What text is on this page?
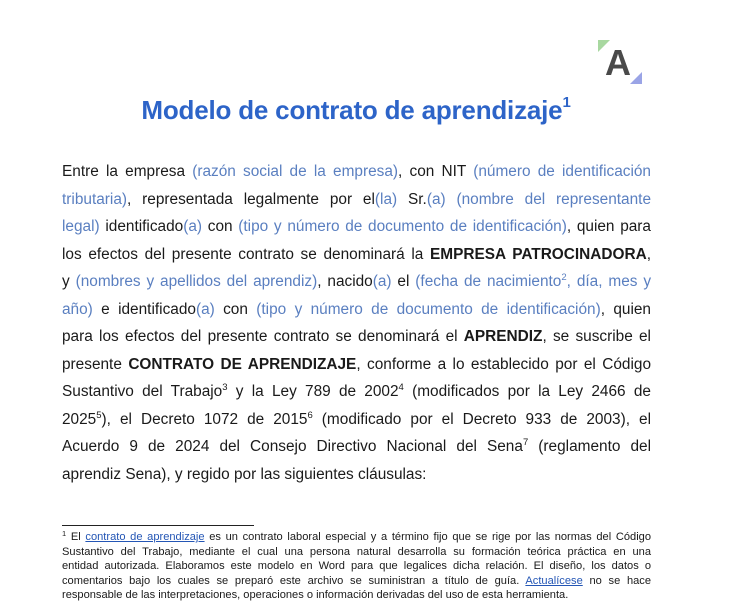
A
Modelo de contrato de aprendizaje$^1$
Entre la empresa (razón social de la empresa), con NIT (número de identificación
tributaria), representada legalmente por el(la) Sr.(a) (nombre del representante
legal) identificado(a) con (tipo y número de documento de identificación), quien para
los efectos del presente contrato se denominará la EMPRESA PATROCINADORA,
y (nombres y apellidos del aprendiz), nacido(a) el (fecha de nacimiento$^2$, día, mes y
año) e identificado(a) con (tipo y número de documento de identificación), quien
para los efectos del presente contrato se denominará el APRENDIZ, se suscribe el
presente CONTRATO DE APRENDIZAJE, conforme a lo establecido por el Código
Sustantivo del Trabajo$^3$ y la Ley 789 de 2002$^4$ (modificados por la Ley 2466 de
2025$^5$), el Decreto 1072 de 2015$^6$ (modificado por el Decreto 933 de 2003), el
Acuerdo 9 de 2024 del Consejo Directivo Nacional del Sena$^7$ (reglamento del
aprendiz Sena), y regido por las siguientes cláusulas:
$^1$ El contrato de aprendizaje es un contrato laboral especial y a término fijo que se rige por las normas del Código
Sustantivo del Trabajo, mediante el cual una persona natural desarrolla su formación teórica práctica en una
entidad autorizada. Elaboramos este modelo en Word para que legalices dicha relación. El diseño, los datos o
comentarios bajo los cuales se preparó este archivo se suministran a título de guía. Actualícese no se hace
responsable de las interpretaciones, operaciones o información derivadas del uso de esta herramienta.
